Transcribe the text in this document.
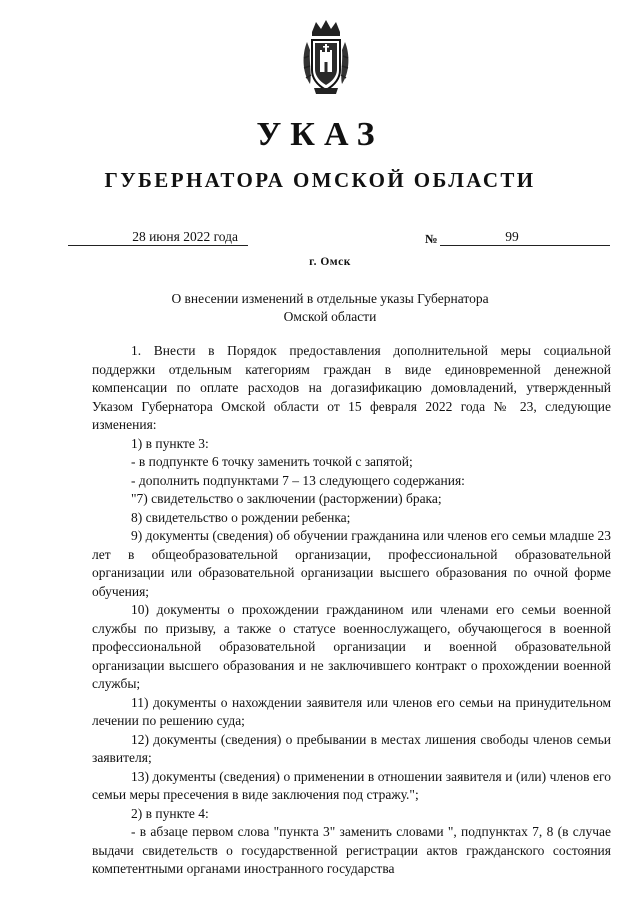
УКАЗ
ГУБЕРНАТОРА ОМСКОЙ ОБЛАСТИ
28 июня 2022 года	№	99
г. Омск
О внесении изменений в отдельные указы Губернатора
Омской области

1. Внести в Порядок предоставления дополнительной меры социальной поддержки отдельным категориям граждан в виде единовременной денежной компенсации по оплате расходов на догазификацию домовладений, утвержденный Указом Губернатора Омской области от 15 февраля 2022 года № 23, следующие изменения:

1) в пункте 3:

- в подпункте 6 точку заменить точкой с запятой;

- дополнить подпунктами 7 – 13 следующего содержания:

"7) свидетельство о заключении (расторжении) брака;

8) свидетельство о рождении ребенка;

9) документы (сведения) об обучении гражданина или членов его семьи младше 23 лет в общеобразовательной организации, профессиональной образовательной организации или образовательной организации высшего образования по очной форме обучения;

10) документы о прохождении гражданином или членами его семьи военной службы по призыву, а также о статусе военнослужащего, обучающегося в военной профессиональной образовательной организации и военной образовательной организации высшего образования и не заключившего контракт о прохождении военной службы;

11) документы о нахождении заявителя или членов его семьи на принудительном лечении по решению суда;

12) документы (сведения) о пребывании в местах лишения свободы членов семьи заявителя;

13) документы (сведения) о применении в отношении заявителя и (или) членов его семьи меры пресечения в виде заключения под стражу.";

2) в пункте 4:

- в абзаце первом слова "пункта 3" заменить словами ", подпунктах 7, 8 (в случае выдачи свидетельств о государственной регистрации актов гражданского состояния компетентными органами иностранного государства
